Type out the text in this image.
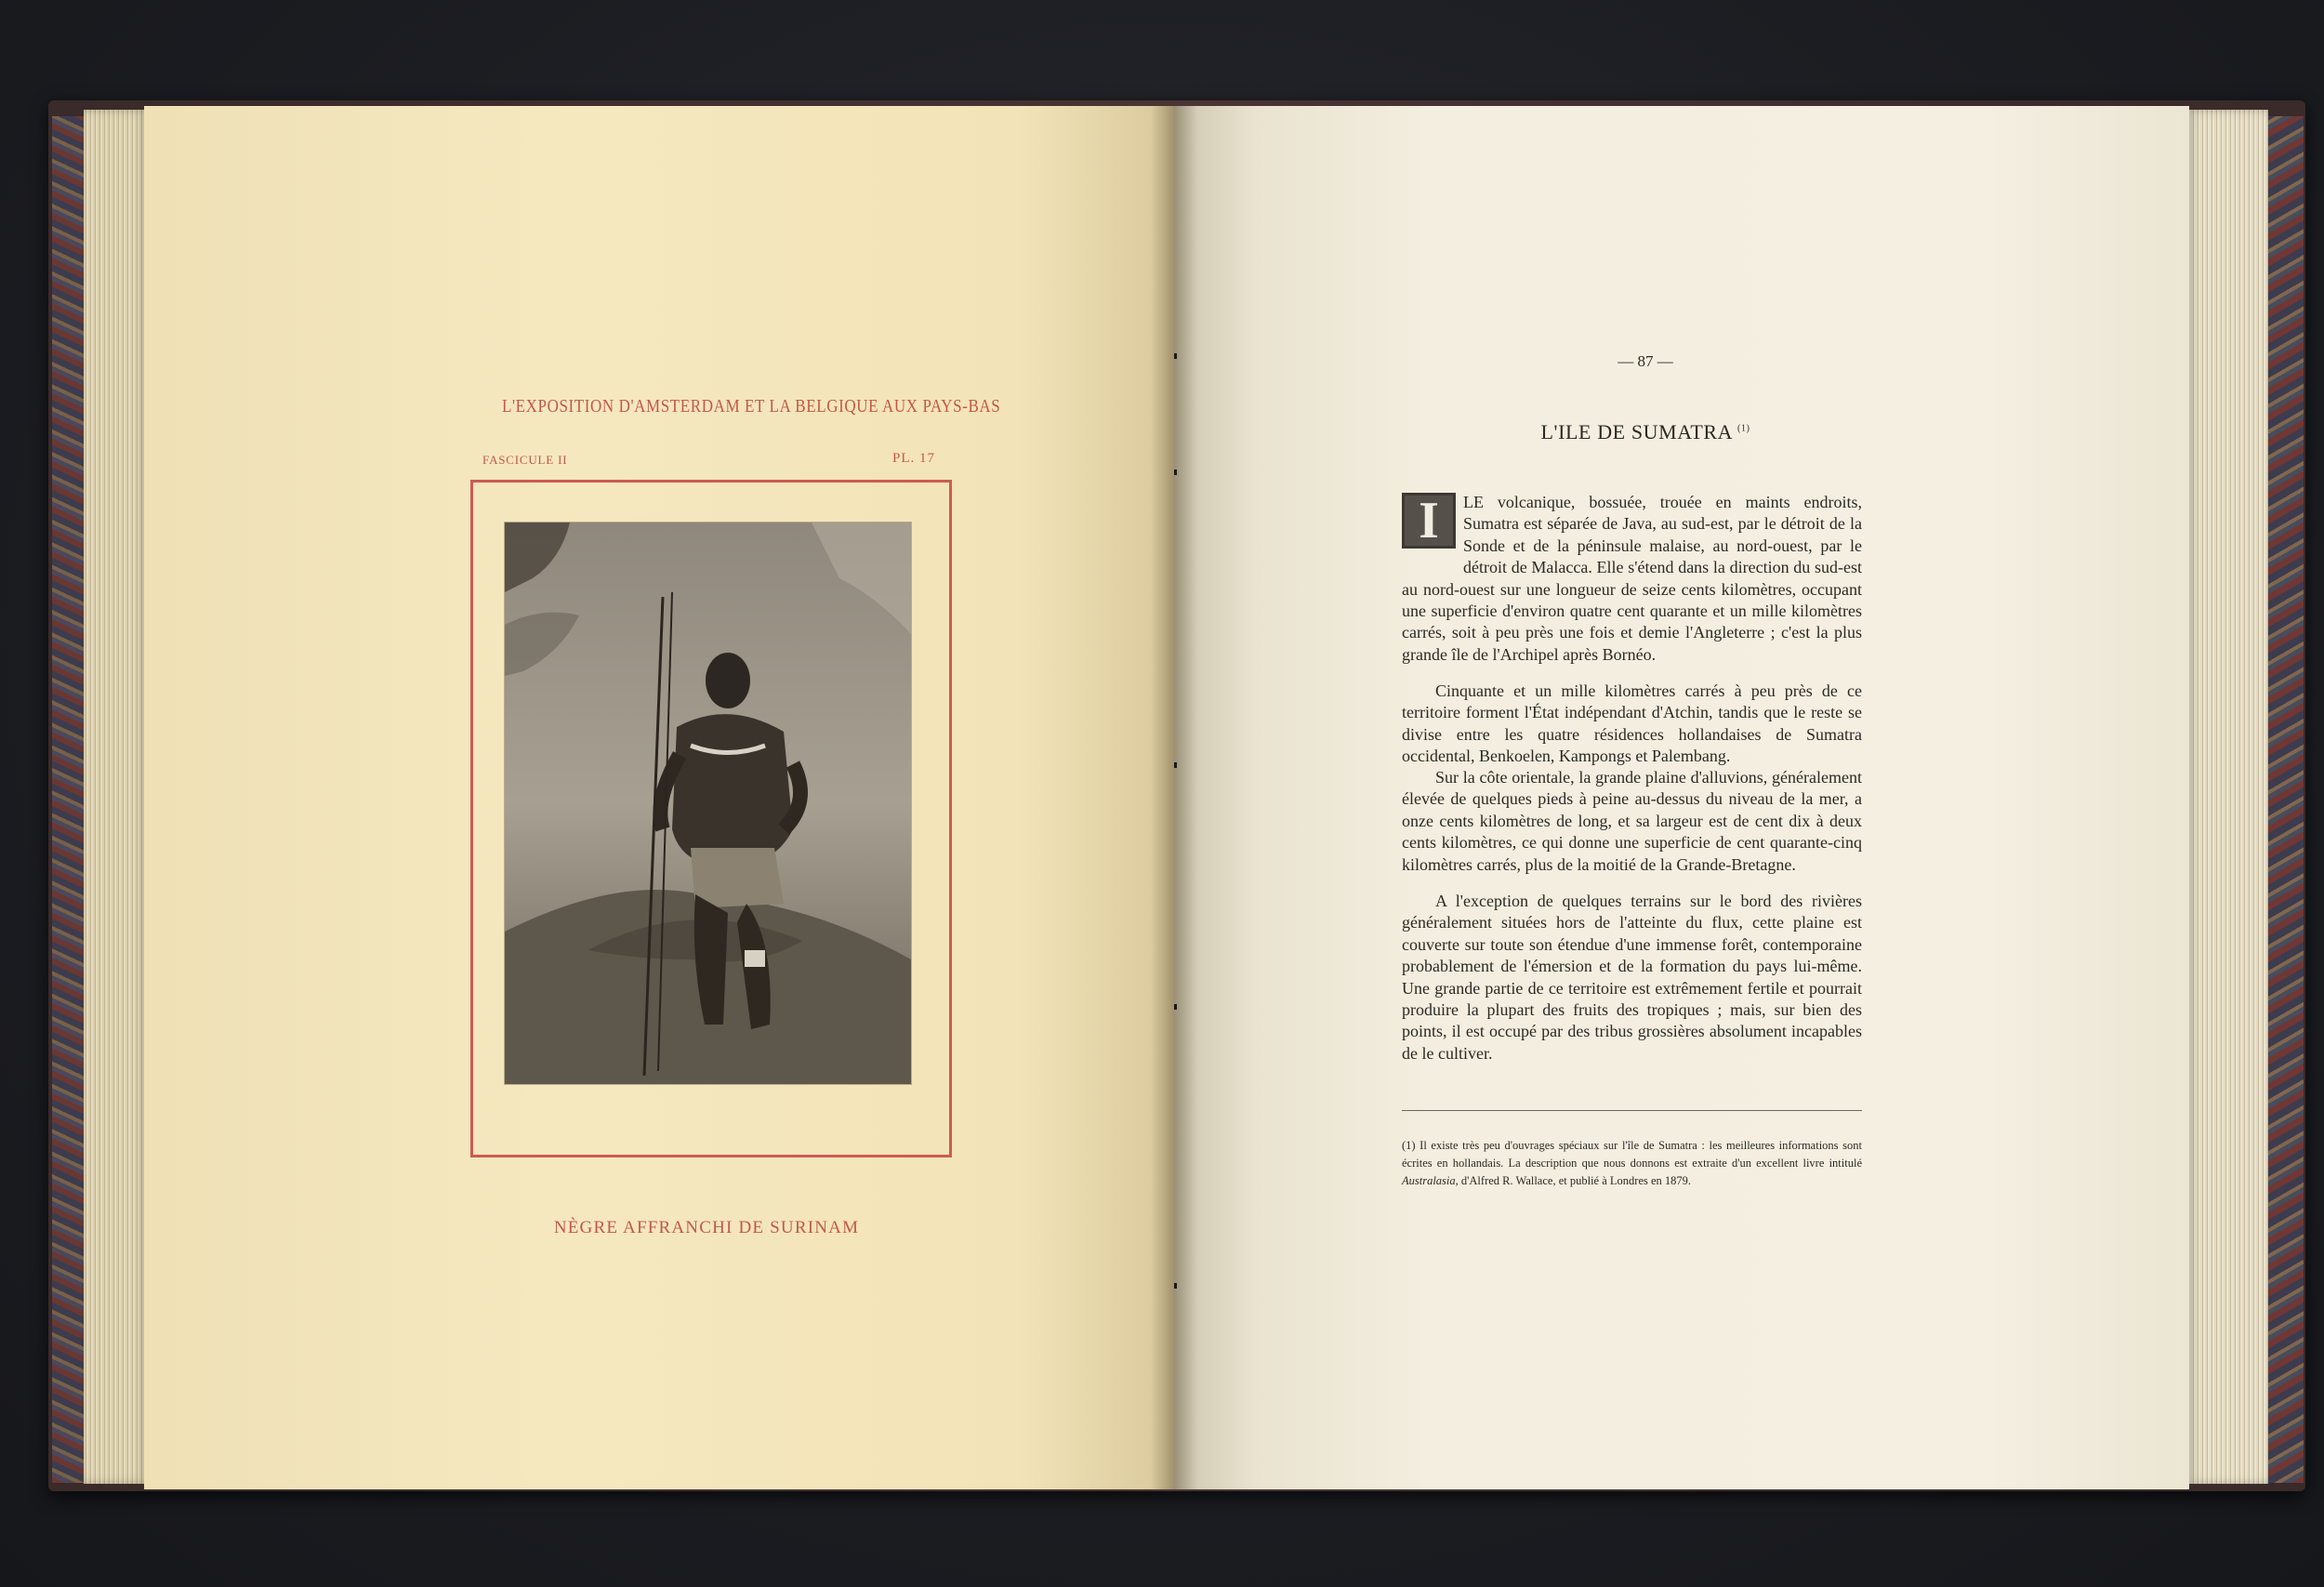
L'EXPOSITION D'AMSTERDAM ET LA BELGIQUE AUX PAYS-BAS
FASCICULE II	PL. 17
NÈGRE AFFRANCHI DE SURINAM
— 87 —
L'ILE DE SUMATRA $^{(1)}$
I	LE volcanique, bossuée, trouée en maints endroits, Sumatra est séparée de Java, au sud-est, par le détroit de la Sonde et de la péninsule malaise, au nord-ouest, par le détroit de Malacca. Elle s'étend dans la direction du sud-est au nord-ouest sur une longueur de seize cents kilomètres, occupant une superficie d'environ quatre cent quarante et un mille kilomètres carrés, soit à peu près une fois et demie l'Angleterre ; c'est la plus grande île de l'Archipel après Bornéo.

Cinquante et un mille kilomètres carrés à peu près de ce territoire forment l'État indépendant d'Atchin, tandis que le reste se divise entre les quatre résidences hollandaises de Sumatra occidental, Benkoelen, Kampongs et Palembang.

Sur la côte orientale, la grande plaine d'alluvions, généralement élevée de quelques pieds à peine au-dessus du niveau de la mer, a onze cents kilomètres de long, et sa largeur est de cent dix à deux cents kilomètres, ce qui donne une superficie de cent quarante-cinq kilomètres carrés, plus de la moitié de la Grande-Bretagne.

A l'exception de quelques terrains sur le bord des rivières généralement situées hors de l'atteinte du flux, cette plaine est couverte sur toute son étendue d'une immense forêt, contemporaine probablement de l'émersion et de la formation du pays lui-même. Une grande partie de ce territoire est extrêmement fertile et pourrait produire la plupart des fruits des tropiques ; mais, sur bien des points, il est occupé par des tribus grossières absolument incapables de le cultiver.

(1) Il existe très peu d'ouvrages spéciaux sur l'île de Sumatra : les meilleures informations sont écrites en hollandais. La description que nous donnons est extraite d'un excellent livre intitulé Australasia, d'Alfred R. Wallace, et publié à Londres en 1879.
